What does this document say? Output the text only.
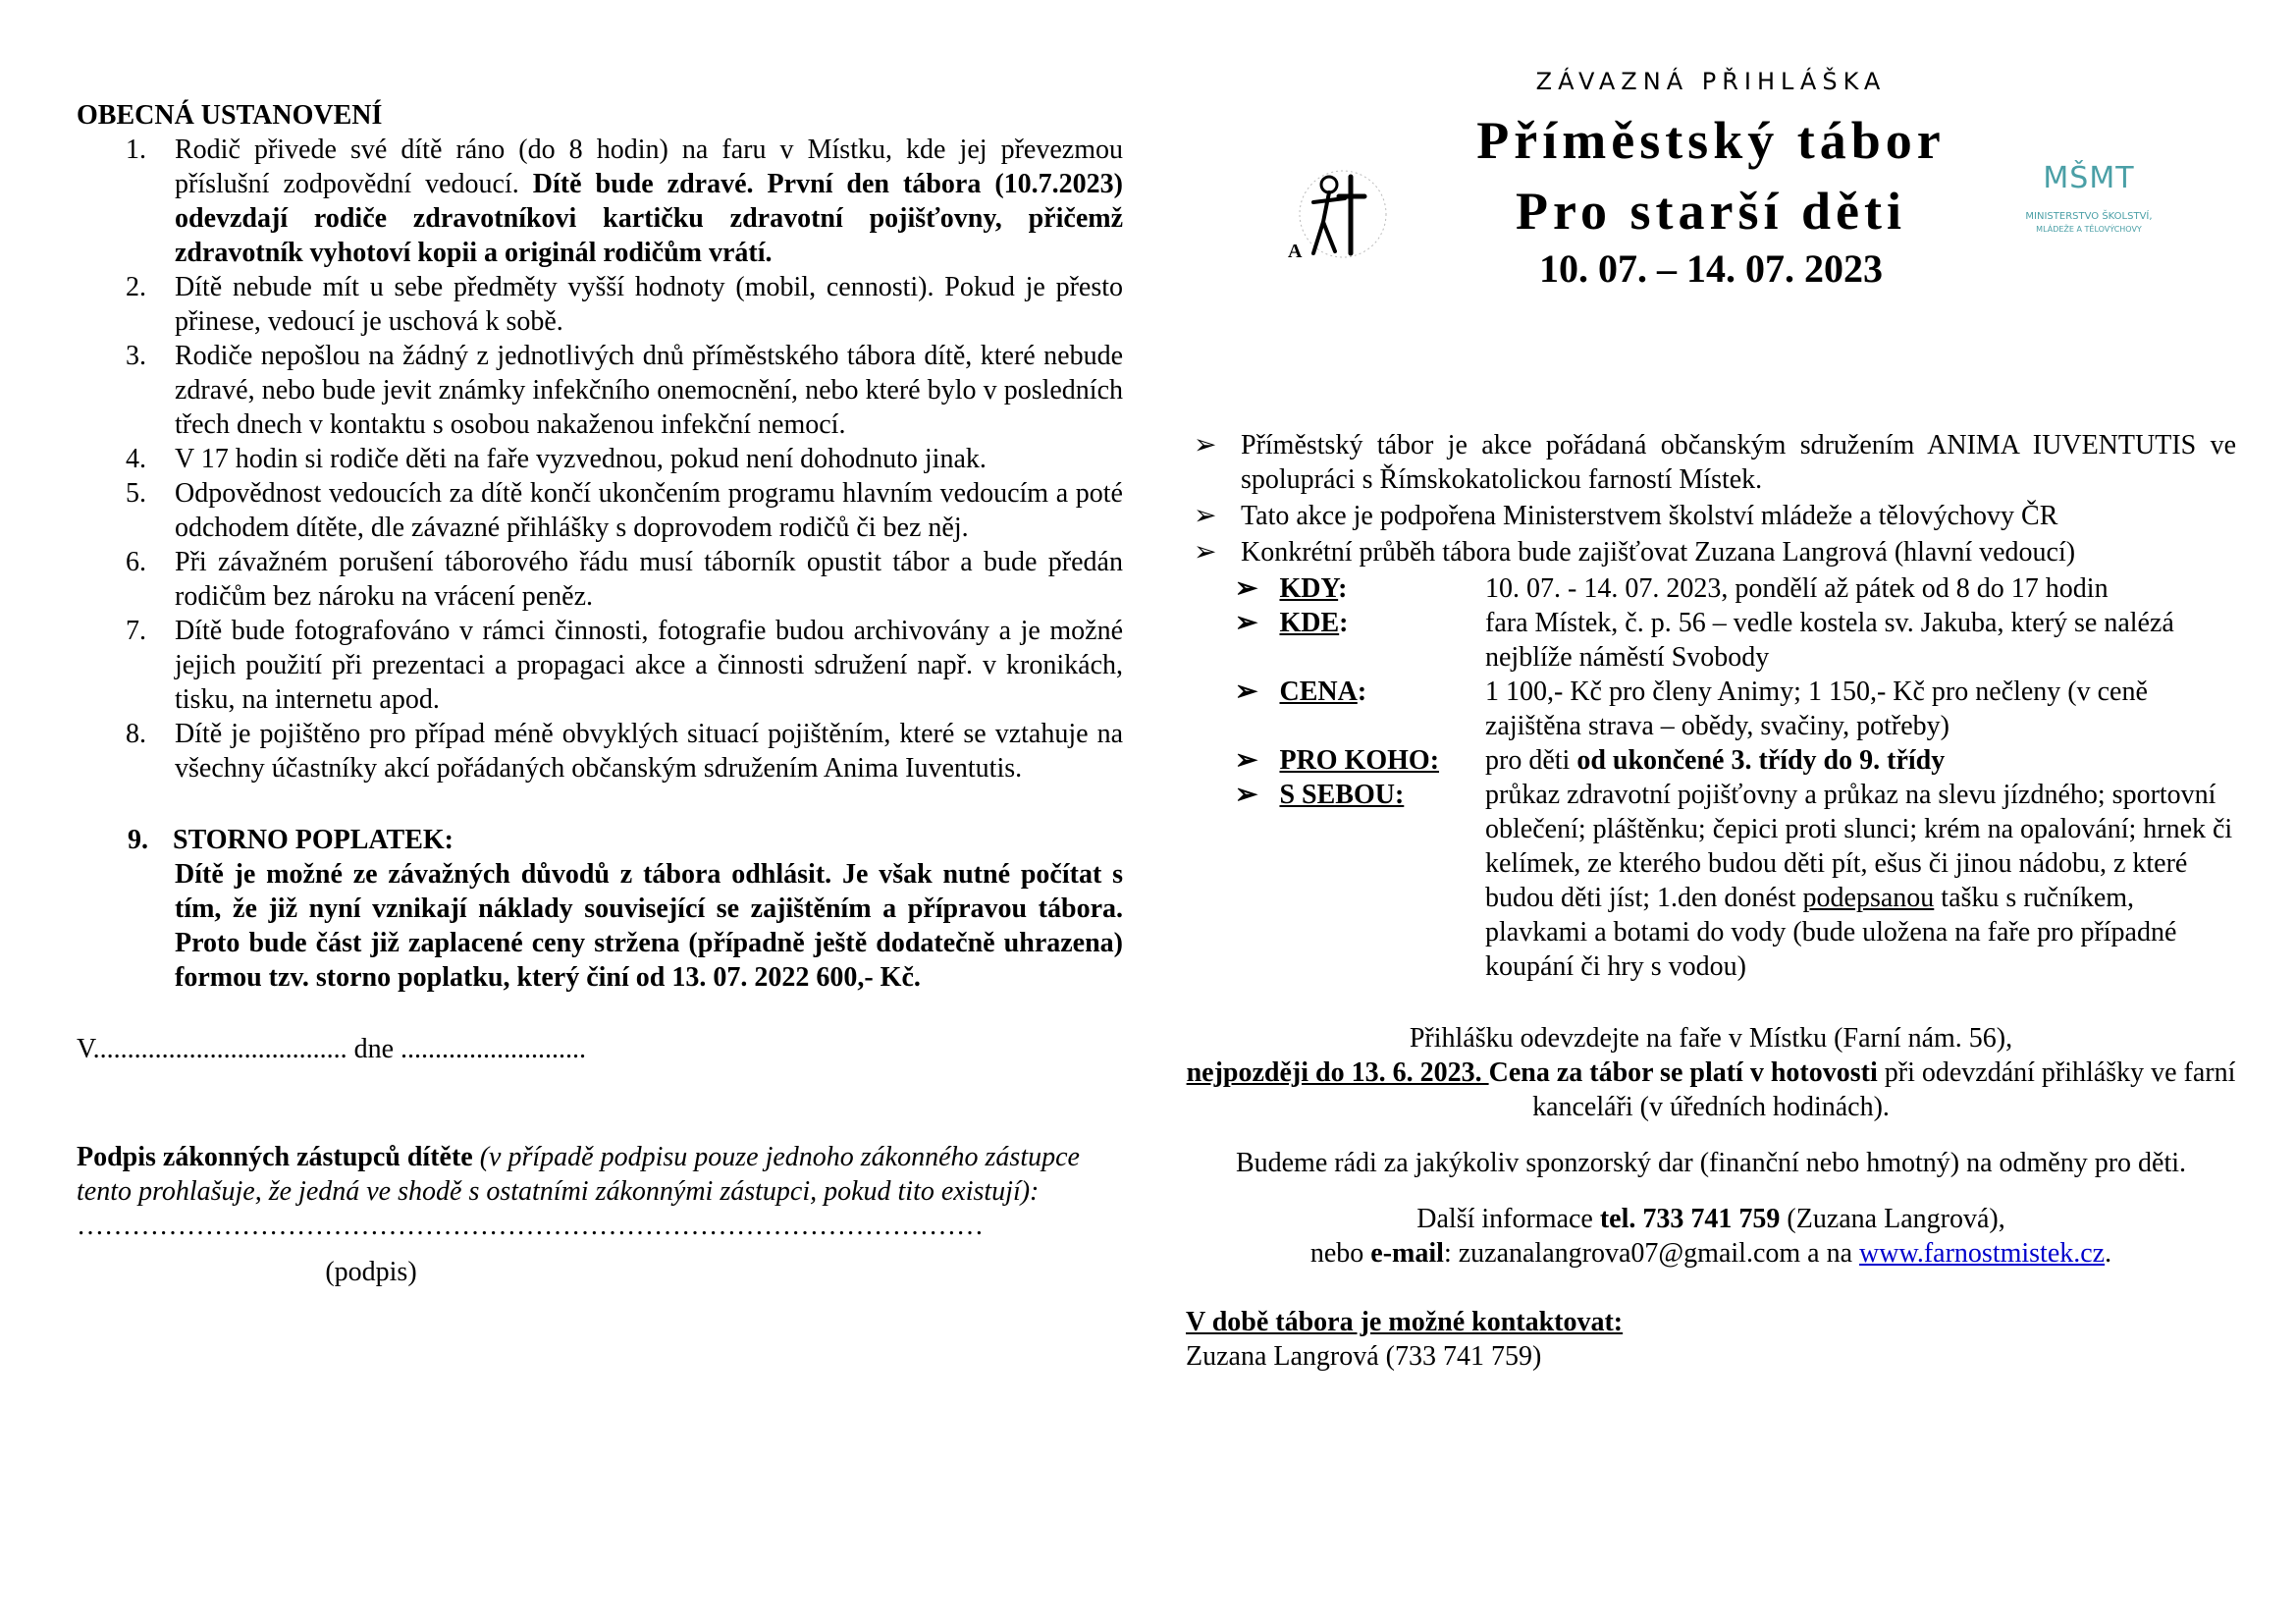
OBECNÁ USTANOVENÍ
1. Rodič přivede své dítě ráno (do 8 hodin) na faru v Místku, kde jej převezmou příslušní zodpovědní vedoucí. Dítě bude zdravé. První den tábora (10.7.2023) odevzdají rodiče zdravotníkovi kartičku zdravotní pojišťovny, přičemž zdravotník vyhotoví kopii a originál rodičům vrátí.
2. Dítě nebude mít u sebe předměty vyšší hodnoty (mobil, cennosti). Pokud je přesto přinese, vedoucí je uschová k sobě.
3. Rodiče nepošlou na žádný z jednotlivých dnů příměstského tábora dítě, které nebude zdravé, nebo bude jevit známky infekčního onemocnění, nebo které bylo v posledních třech dnech v kontaktu s osobou nakaženou infekční nemocí.
4. V 17 hodin si rodiče děti na faře vyzvednou, pokud není dohodnuto jinak.
5. Odpovědnost vedoucích za dítě končí ukončením programu hlavním vedoucím a poté odchodem dítěte, dle závazné přihlášky s doprovodem rodičů či bez něj.
6. Při závažném porušení táborového řádu musí táborník opustit tábor a bude předán rodičům bez nároku na vrácení peněz.
7. Dítě bude fotografováno v rámci činnosti, fotografie budou archivovány a je možné jejich použití při prezentaci a propagaci akce a činnosti sdružení např. v kronikách, tisku, na internetu apod.
8. Dítě je pojištěno pro případ méně obvyklých situací pojištěním, které se vztahuje na všechny účastníky akcí pořádaných občanským sdružením Anima Iuventutis.
9. STORNO POPLATEK:
Dítě je možné ze závažných důvodů z tábora odhlásit. Je však nutné počítat s tím, že již nyní vznikají náklady související se zajištěním a přípravou tábora. Proto bude část již zaplacené ceny stržena (případně ještě dodatečně uhrazena) formou tzv. storno poplatku, který činí od 13. 07. 2022 600,- Kč.
V..................................... dne ...........................
Podpis zákonných zástupců dítěte (v případě podpisu pouze jednoho zákonného zástupce tento prohlašuje, že jedná ve shodě s ostatními zákonnými zástupci, pokud tito existují):
………………………………………………………………………………………
(podpis)
ZÁVAZNÁ PŘIHLÁŠKA
Příměstský tábor
Pro starší děti
10. 07. – 14. 07. 2023
A
MŠMT
MINISTERSTVO ŠKOLSTVÍ,
MLÁDEŽE A TĚLOVÝCHOVY
➢ Příměstský tábor je akce pořádaná občanským sdružením ANIMA IUVENTUTIS ve spolupráci s Římskokatolickou farností Místek.
➢ Tato akce je podpořena Ministerstvem školství mládeže a tělovýchovy ČR
➢ Konkrétní průběh tábora bude zajišťovat Zuzana Langrová (hlavní vedoucí)
➢ KDY:	10. 07. - 14. 07. 2023, pondělí až pátek od 8 do 17 hodin
➢ KDE:	fara Místek, č. p. 56 – vedle kostela sv. Jakuba, který se nalézá nejblíže náměstí Svobody
➢ CENA:	1 100,- Kč pro členy Animy; 1 150,- Kč pro nečleny (v ceně zajištěna strava – obědy, svačiny, potřeby)
➢ PRO KOHO: pro děti od ukončené 3. třídy do 9. třídy
➢ S SEBOU:	průkaz zdravotní pojišťovny a průkaz na slevu jízdného; sportovní oblečení; pláštěnku; čepici proti slunci; krém na opalování; hrnek či kelímek, ze kterého budou děti pít, ešus či jinou nádobu, z které budou děti jíst; 1.den donést podepsanou tašku s ručníkem, plavkami a botami do vody (bude uložena na faře pro případné koupání či hry s vodou)
Přihlášku odevzdejte na faře v Místku (Farní nám. 56),
nejpozději do 13. 6. 2023. Cena za tábor se platí v hotovosti při odevzdání přihlášky ve farní kanceláři (v úředních hodinách).
Budeme rádi za jakýkoliv sponzorský dar (finanční nebo hmotný) na odměny pro děti.
Další informace tel. 733 741 759 (Zuzana Langrová),
nebo e-mail: zuzanalangrova07@gmail.com a na www.farnostmistek.cz.
V době tábora je možné kontaktovat:
Zuzana Langrová (733 741 759)
